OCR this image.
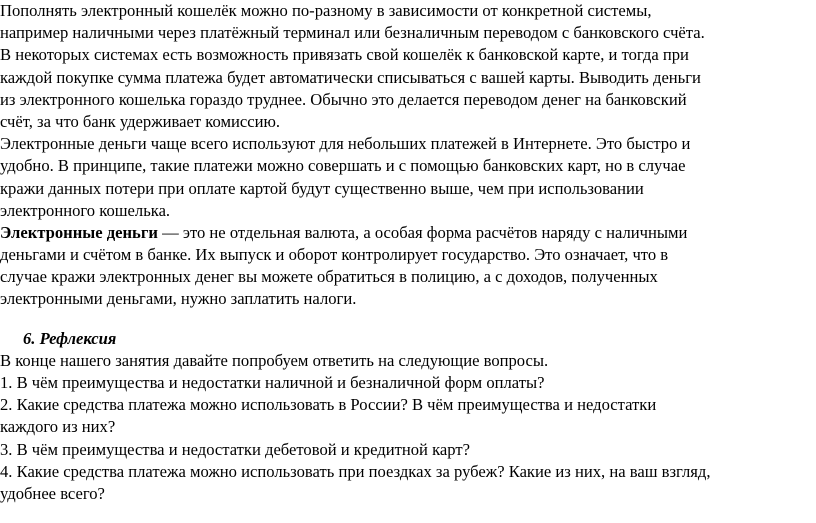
Пополнять электронный кошелёк можно по-разному в зависимости от конкретной системы,
например наличными через платёжный терминал или безналичным переводом с банковского счёта.
В некоторых системах есть возможность привязать свой кошелёк к банковской карте, и тогда при
каждой покупке сумма платежа будет автоматически списываться с вашей карты. Выводить деньги
из электронного кошелька гораздо труднее. Обычно это делается переводом денег на банковский
счёт, за что банк удерживает комиссию.
Электронные деньги чаще всего используют для небольших платежей в Интернете. Это быстро и
удобно. В принципе, такие платежи можно совершать и с помощью банковских карт, но в случае
кражи данных потери при оплате картой будут существенно выше, чем при использовании
электронного кошелька.
Электронные деньги — это не отдельная валюта, а особая форма расчётов наряду с наличными
деньгами и счётом в банке. Их выпуск и оборот контролирует государство. Это означает, что в
случае кражи электронных денег вы можете обратиться в полицию, а с доходов, полученных
электронными деньгами, нужно заплатить налоги.
6. Рефлексия
В конце нашего занятия давайте попробуем ответить на следующие вопросы.
1. В чём преимущества и недостатки наличной и безналичной форм оплаты?
2. Какие средства платежа можно использовать в России? В чём преимущества и недостатки
каждого из них?
3. В чём преимущества и недостатки дебетовой и кредитной карт?
4. Какие средства платежа можно использовать при поездках за рубеж? Какие из них, на ваш взгляд,
удобнее всего?
